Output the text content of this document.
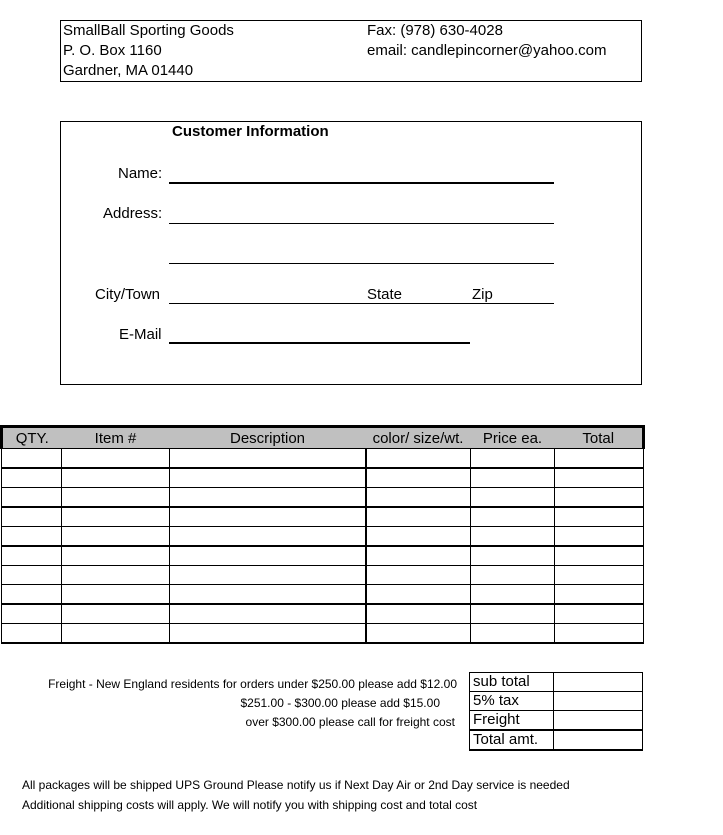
SmallBall Sporting Goods
P. O. Box 1160
Gardner, MA 01440
Fax: (978) 630-4028
email: candlepincorner@yahoo.com
Customer Information
Name:
Address:
City/Town	State	Zip
E-Mail
QTY.	Item #	Description	color/ size/wt.	Price ea.	Total

Freight - New England residents for orders under $250.00 please add $12.00
$251.00 - $300.00 please add $15.00
over $300.00 please call for freight cost
sub total	
5% tax	
Freight	
Total amt.	
All packages will be shipped UPS Ground Please notify us if Next Day Air or 2nd Day service is needed
Additional shipping costs will apply. We will notify you with shipping cost and total cost
